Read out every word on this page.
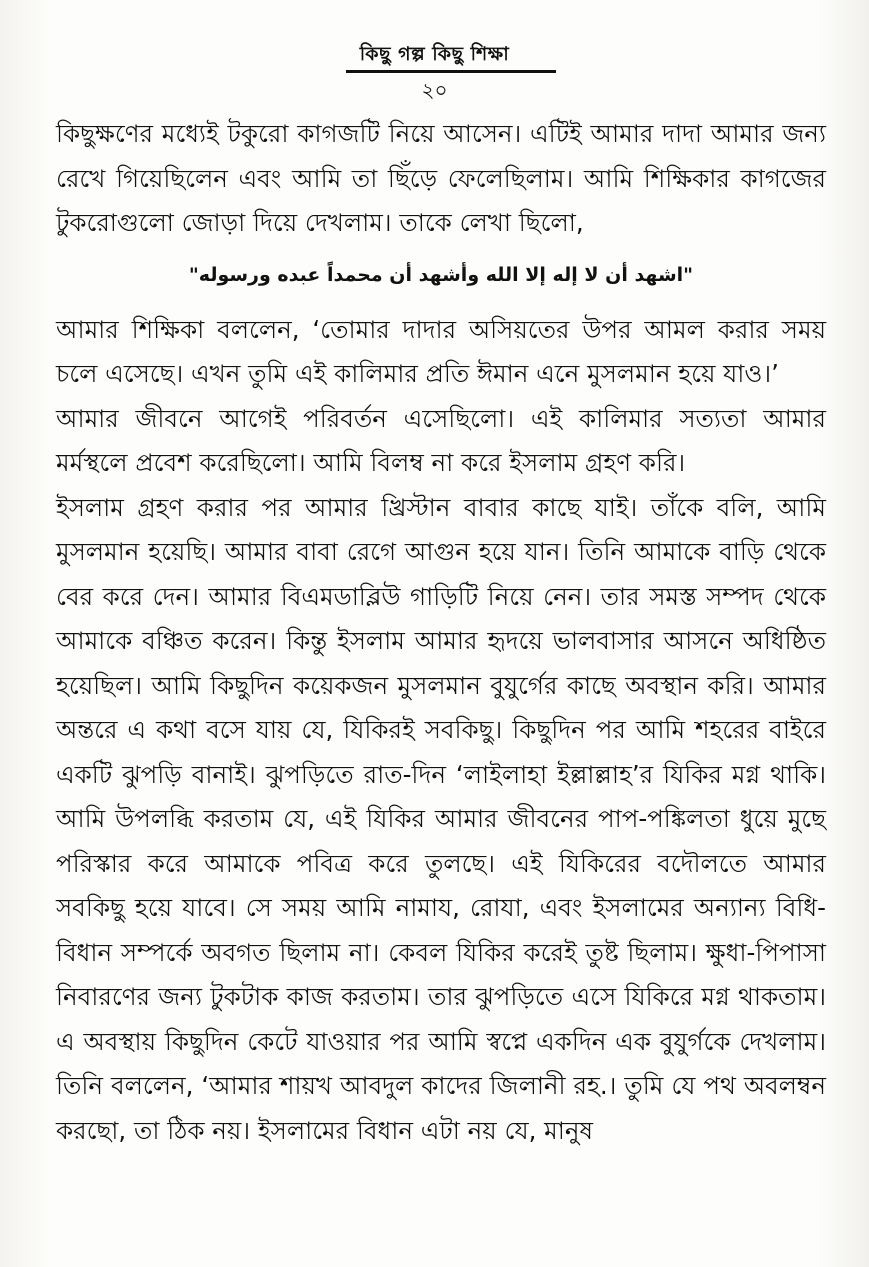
কিছু গল্প কিছু শিক্ষা
২০

কিছুক্ষণের মধ্যেই টকুরো কাগজটি নিয়ে আসেন। এটিই আমার দাদা আমার জন্য রেখে গিয়েছিলেন এবং আমি তা ছিঁড়ে ফেলেছিলাম। আমি শিক্ষিকার কাগজের টুকরোগুলো জোড়া দিয়ে দেখলাম। তাকে লেখা ছিলো,

"اشهد أن لا إله إلا الله وأشهد أن محمداً عبده ورسوله"

আমার শিক্ষিকা বললেন, ‘তোমার দাদার অসিয়তের উপর আমল করার সময় চলে এসেছে। এখন তুমি এই কালিমার প্রতি ঈমান এনে মুসলমান হয়ে যাও।’

আমার জীবনে আগেই পরিবর্তন এসেছিলো। এই কালিমার সত্যতা আমার মর্মস্থলে প্রবেশ করেছিলো। আমি বিলম্ব না করে ইসলাম গ্রহণ করি।

ইসলাম গ্রহণ করার পর আমার খ্রিস্টান বাবার কাছে যাই। তাঁকে বলি, আমি মুসলমান হয়েছি। আমার বাবা রেগে আগুন হয়ে যান। তিনি আমাকে বাড়ি থেকে বের করে দেন। আমার বিএমডাব্লিউ গাড়িটি নিয়ে নেন। তার সমস্ত সম্পদ থেকে আমাকে বঞ্চিত করেন। কিন্তু ইসলাম আমার হৃদয়ে ভালবাসার আসনে অধিষ্ঠিত হয়েছিল। আমি কিছুদিন কয়েকজন মুসলমান বুযুর্গের কাছে অবস্থান করি। আমার অন্তরে এ কথা বসে যায় যে, যিকিরই সবকিছু। কিছুদিন পর আমি শহরের বাইরে একটি ঝুপড়ি বানাই। ঝুপড়িতে রাত-দিন ‘লাইলাহা ইল্লাল্লাহ’র যিকির মগ্ন থাকি। আমি উপলব্ধি করতাম যে, এই যিকির আমার জীবনের পাপ-পঙ্কিলতা ধুয়ে মুছে পরিস্কার করে আমাকে পবিত্র করে তুলছে। এই যিকিরের বদৌলতে আমার সবকিছু হয়ে যাবে। সে সময় আমি নামায, রোযা, এবং ইসলামের অন্যান্য বিধি-বিধান সম্পর্কে অবগত ছিলাম না। কেবল যিকির করেই তুষ্ট ছিলাম। ক্ষুধা-পিপাসা নিবারণের জন্য টুকটাক কাজ করতাম। তার ঝুপড়িতে এসে যিকিরে মগ্ন থাকতাম। এ অবস্থায় কিছুদিন কেটে যাওয়ার পর আমি স্বপ্নে একদিন এক বুযুর্গকে দেখলাম। তিনি বললেন, ‘আমার শায়খ আবদুল কাদের জিলানী রহ.। তুমি যে পথ অবলম্বন করছো, তা ঠিক নয়। ইসলামের বিধান এটা নয় যে, মানুষ
